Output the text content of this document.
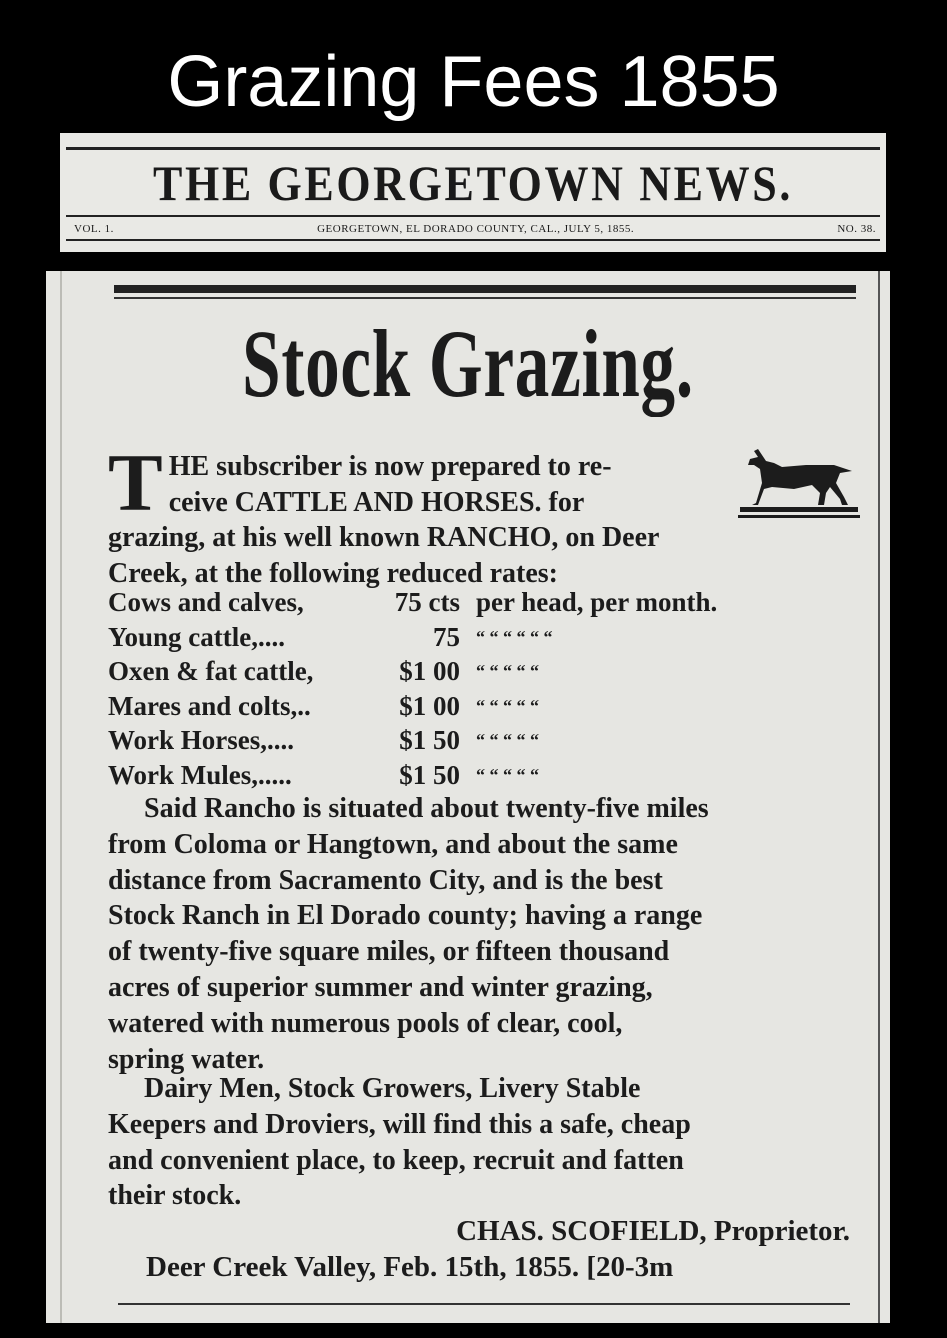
Grazing Fees 1855
THE GEORGETOWN NEWS.
VOL. 1.	GEORGETOWN, EL DORADO COUNTY, CAL., JULY 5, 1855.	NO. 38.
Stock Grazing.
T HE subscriber is now prepared to re-
ceive CATTLE AND HORSES. for
grazing, at his well known RANCHO, on Deer
Creek, at the following reduced rates:
Cows and calves,	75 cts per head, per month.
Young cattle,....	75 “ “ “ “ “ “
Oxen & fat cattle,	$1 00 “ “ “ “ “
Mares and colts,..	$1 00 “ “ “ “ “
Work Horses,....	$1 50 “ “ “ “ “
Work Mules,.....	$1 50 “ “ “ “ “
Said Rancho is situated about twenty-five miles
from Coloma or Hangtown, and about the same
distance from Sacramento City, and is the best
Stock Ranch in El Dorado county; having a range
of twenty-five square miles, or fifteen thousand
acres of superior summer and winter grazing,
watered with numerous pools of clear, cool,
spring water.
Dairy Men, Stock Growers, Livery Stable
Keepers and Droviers, will find this a safe, cheap
and convenient place, to keep, recruit and fatten
their stock.
CHAS. SCOFIELD, Proprietor.
Deer Creek Valley, Feb. 15th, 1855. [20-3m
